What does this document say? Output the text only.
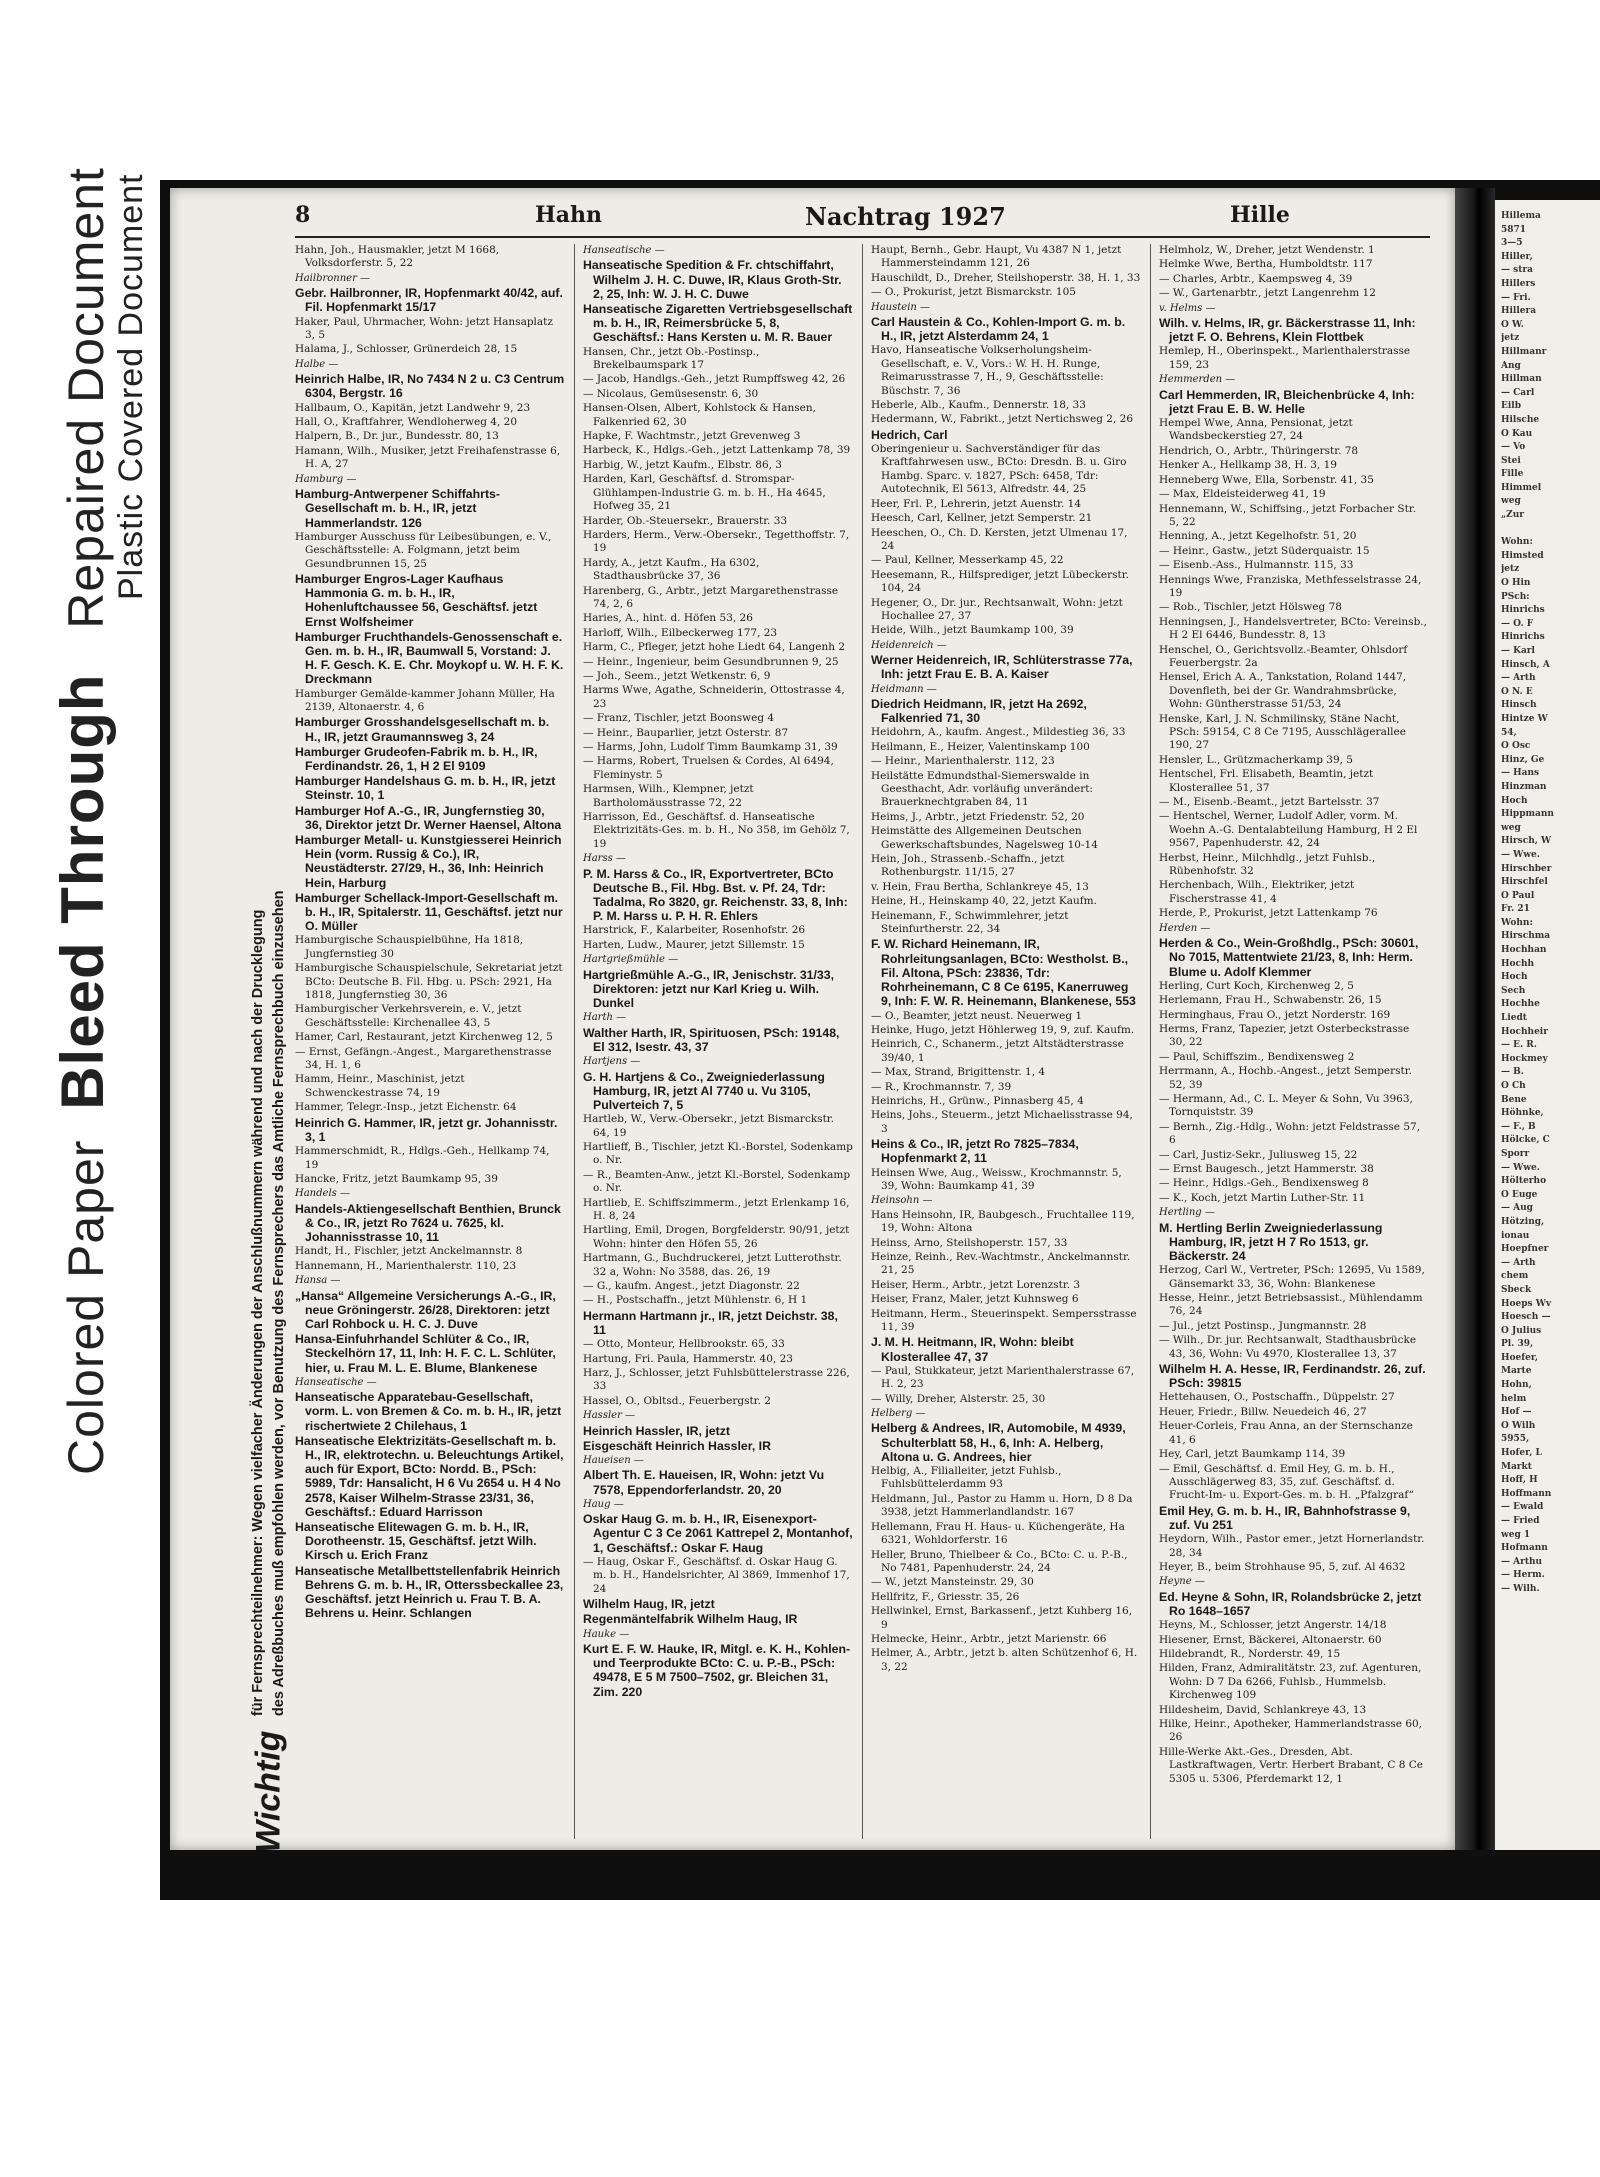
Colored Paper  Bleed Through   Repaired Document
Plastic Covered Document	Hillema
5871
3—5
Hiller,
— stra
Hillers
— Fri.
Hillera
O W.
jetz
Hillmanr
Ang
Hillman
— Carl
Eilb
Hilsche
O Kau
— Vo
Stei
Fille
Himmel
weg
„Zur
Wohn:
Himsted
jetz
O Hin
PSch:
Hinrichs
— O. F
Hinrichs
— Karl
Hinsch, A
— Arth
O N. E
Hinsch
Hintze W
54,
O Osc
Hinz, Ge
— Hans
Hinzman
Hoch
Hippmann
weg
Hirsch, W
— Wwe.
Hirschber
Hirschfel
O Paul
Fr. 21
Wohn:
Hirschma
Hochhan
Hochh
Hoch
Sech
Hochhe
Liedt
Hochheir
— E. R.
Hockmey
— B.
O Ch
Bene
Höhnke,
— F., B
Hölcke, C
Sporr
— Wwe.
Hölterho
O Euge
— Aug
Hötzing,
ionau
Hoepfner
— Arth
chem
Sbeck
Hoeps Wv
Hoesch —
O Julius
Pl. 39,
Hoefer,
Marte
Hohn,
helm
Hof —
O Wilh
5955,
Hofer, L
Markt
Hoff, H
Hoffmann
— Ewald
— Fried
weg 1
Hofmann
— Arthu
— Herm.
— Wilh.
8	Hahn	Nachtrag 1927	Hille
Wichtig für Fernsprechteilnehmer: Wegen vielfacher Änderungen der Anschlußnummern während und nach der Drucklegung des Adreßbuches muß empfohlen werden, vor Benutzung des Fernsprechers das Amtliche Fernsprechbuch einzusehen
Hahn, Joh., Hausmakler, jetzt M 1668, Volksdorferstr. 5, 22
Hailbronner —
Gebr. Hailbronner, IR, Hopfenmarkt 40/42, auf. Fil. Hopfenmarkt 15/17
Haker, Paul, Uhrmacher, Wohn: jetzt Hansaplatz 3, 5
Halama, J., Schlosser, Grünerdeich 28, 15
Halbe —
Heinrich Halbe, IR, No 7434 N 2 u. C3 Centrum 6304, Bergstr. 16
Hallbaum, O., Kapitän, jetzt Landwehr 9, 23
Hall, O., Kraftfahrer, Wendloherweg 4, 20
Halpern, B., Dr. jur., Bundesstr. 80, 13
Hamann, Wilh., Musiker, jetzt Freihafenstrasse 6, H. A, 27
Hamburg —
Hamburg-Antwerpener Schiffahrts-Gesellschaft m. b. H., IR, jetzt Hammerlandstr. 126
Hamburger Ausschuss für Leibesübungen, e. V., Geschäftsstelle: A. Folgmann, jetzt beim Gesundbrunnen 15, 25
Hamburger Engros-Lager Kaufhaus Hammonia G. m. b. H., IR, Hohenluftchaussee 56, Geschäftsf. jetzt Ernst Wolfsheimer
Hamburger Fruchthandels-Genossenschaft e. Gen. m. b. H., IR, Baumwall 5, Vorstand: J. H. F. Gesch. K. E. Chr. Moykopf u. W. H. F. K. Dreckmann
Hamburger Gemälde-kammer Johann Müller, Ha 2139, Altonaerstr. 4, 6
Hamburger Grosshandelsgesellschaft m. b. H., IR, jetzt Graumannsweg 3, 24
Hamburger Grudeofen-Fabrik m. b. H., IR, Ferdinandstr. 26, 1, H 2 El 9109
Hamburger Handelshaus G. m. b. H., IR, jetzt Steinstr. 10, 1
Hamburger Hof A.-G., IR, Jungfernstieg 30, 36, Direktor jetzt Dr. Werner Haensel, Altona
Hamburger Metall- u. Kunstgiesserei Heinrich Hein (vorm. Russig & Co.), IR, Neustädterstr. 27/29, H., 36, Inh: Heinrich Hein, Harburg
Hamburger Schellack-Import-Gesellschaft m. b. H., IR, Spitalerstr. 11, Geschäftsf. jetzt nur O. Müller
Hamburgische Schauspielbühne, Ha 1818, Jungfernstieg 30
Hamburgische Schauspielschule, Sekretariat jetzt BCto: Deutsche B. Fil. Hbg. u. PSch: 2921, Ha 1818, Jungfernstieg 30, 36
Hamburgischer Verkehrsverein, e. V., jetzt Geschäftsstelle: Kirchenallee 43, 5
Hamer, Carl, Restaurant, jetzt Kirchenweg 12, 5
— Ernst, Gefängn.-Angest., Margarethenstrasse 34, H. 1, 6
Hamm, Heinr., Maschinist, jetzt Schwenckestrasse 74, 19
Hammer, Telegr.-Insp., jetzt Eichenstr. 64
Heinrich G. Hammer, IR, jetzt gr. Johannisstr. 3, 1
Hammerschmidt, R., Hdlgs.-Geh., Hellkamp 74, 19
Hancke, Fritz, jetzt Baumkamp 95, 39
Handels —
Handels-Aktiengesellschaft Benthien, Brunck & Co., IR, jetzt Ro 7624 u. 7625, kl. Johannisstrasse 10, 11
Handt, H., Fischler, jetzt Anckelmannstr. 8
Hannemann, H., Marienthalerstr. 110, 23
Hansa —
„Hansa“ Allgemeine Versicherungs A.-G., IR, neue Gröningerstr. 26/28, Direktoren: jetzt Carl Rohbock u. H. C. J. Duve
Hansa-Einfuhrhandel Schlüter & Co., IR, Steckelhörn 17, 11, Inh: H. F. C. L. Schlüter, hier, u. Frau M. L. E. Blume, Blankenese
Hanseatische —
Hanseatische Apparatebau-Gesellschaft, vorm. L. von Bremen & Co. m. b. H., IR, jetzt rischertwiete 2 Chilehaus, 1
Hanseatische Elektrizitäts-Gesellschaft m. b. H., IR, elektrotechn. u. Beleuchtungs Artikel, auch für Export, BCto: Nordd. B., PSch: 5989, Tdr: Hansalicht, H 6 Vu 2654 u. H 4 No 2578, Kaiser Wilhelm-Strasse 23/31, 36, Geschäftsf.: Eduard Harrisson
Hanseatische Elitewagen G. m. b. H., IR, Dorotheenstr. 15, Geschäftsf. jetzt Wilh. Kirsch u. Erich Franz
Hanseatische Metallbettstellenfabrik Heinrich Behrens G. m. b. H., IR, Otterssbeckallee 23, Geschäftsf. jetzt Heinrich u. Frau T. B. A. Behrens u. Heinr. Schlangen
Hanseatische —
Hanseatische Spedition & Fr. chtschiffahrt, Wilhelm J. H. C. Duwe, IR, Klaus Groth-Str. 2, 25, Inh: W. J. H. C. Duwe
Hanseatische Zigaretten Vertriebsgesellschaft m. b. H., IR, Reimersbrücke 5, 8, Geschäftsf.: Hans Kersten u. M. R. Bauer
Hansen, Chr., jetzt Ob.-Postinsp., Brekelbaumspark 17
— Jacob, Handlgs.-Geh., jetzt Rumpffsweg 42, 26
— Nicolaus, Gemüsesenstr. 6, 30
Hansen-Olsen, Albert, Kohlstock & Hansen, Falkenried 62, 30
Hapke, F. Wachtmstr., jetzt Grevenweg 3
Harbeck, K., Hdlgs.-Geh., jetzt Lattenkamp 78, 39
Harbig, W., jetzt Kaufm., Elbstr. 86, 3
Harden, Karl, Geschäftsf. d. Stromspar-Glühlampen-Industrie G. m. b. H., Ha 4645, Hofweg 35, 21
Harder, Ob.-Steuersekr., Brauerstr. 33
Harders, Herm., Verw.-Obersekr., Tegetthoffstr. 7, 19
Hardy, A., jetzt Kaufm., Ha 6302, Stadthausbrücke 37, 36
Harenberg, G., Arbtr., jetzt Margarethenstrasse 74, 2, 6
Haries, A., hint. d. Höfen 53, 26
Harloff, Wilh., Eilbeckerweg 177, 23
Harm, C., Pfleger, jetzt hohe Liedt 64, Langenh 2
— Heinr., Ingenieur, beim Gesundbrunnen 9, 25
— Joh., Seem., jetzt Wetkenstr. 6, 9
Harms Wwe, Agathe, Schneiderin, Ottostrasse 4, 23
— Franz, Tischler, jetzt Boonsweg 4
— Heinr., Bauparlier, jetzt Osterstr. 87
— Harms, John, Ludolf Timm Baumkamp 31, 39
— Harms, Robert, Truelsen & Cordes, Al 6494, Fleminystr. 5
Harmsen, Wilh., Klempner, jetzt Bartholomäusstrasse 72, 22
Harrisson, Ed., Geschäftsf. d. Hanseatische Elektrizitäts-Ges. m. b. H., No 358, im Gehölz 7, 19
Harss —
P. M. Harss & Co., IR, Exportvertreter, BCto Deutsche B., Fil. Hbg. Bst. v. Pf. 24, Tdr: Tadalma, Ro 3820, gr. Reichenstr. 33, 8, Inh: P. M. Harss u. P. H. R. Ehlers
Harstrick, F., Kalarbeiter, Rosenhofstr. 26
Harten, Ludw., Maurer, jetzt Sillemstr. 15
Hartgrießmühle —
Hartgrießmühle A.-G., IR, Jenischstr. 31/33, Direktoren: jetzt nur Karl Krieg u. Wilh. Dunkel
Harth —
Walther Harth, IR, Spirituosen, PSch: 19148, El 312, Isestr. 43, 37
Hartjens —
G. H. Hartjens & Co., Zweigniederlassung Hamburg, IR, jetzt Al 7740 u. Vu 3105, Pulverteich 7, 5
Hartleb, W., Verw.-Obersekr., jetzt Bismarckstr. 64, 19
Hartlieff, B., Tischler, jetzt Kl.-Borstel, Sodenkamp o. Nr.
— R., Beamten-Anw., jetzt Kl.-Borstel, Sodenkamp o. Nr.
Hartlieb, E. Schiffszimmerm., jetzt Erlenkamp 16, H. 8, 24
Hartling, Emil, Drogen, Borgfelderstr. 90/91, jetzt Wohn: hinter den Höfen 55, 26
Hartmann, G., Buchdruckerei, jetzt Lutterothstr. 32 a, Wohn: No 3588, das. 26, 19
— G., kaufm. Angest., jetzt Diagonstr. 22
— H., Postschaffn., jetzt Mühlenstr. 6, H 1
Hermann Hartmann jr., IR, jetzt Deichstr. 38, 11
— Otto, Monteur, Hellbrookstr. 65, 33
Hartung, Fri. Paula, Hammerstr. 40, 23
Harz, J., Schlosser, jetzt Fuhlsbüttelerstrasse 226, 33
Hassel, O., Obltsd., Feuerbergstr. 2
Hassler —
Heinrich Hassler, IR, jetzt
Eisgeschäft Heinrich Hassler, IR
Haueisen —
Albert Th. E. Haueisen, IR, Wohn: jetzt Vu 7578, Eppendorferlandstr. 20, 20
Haug —
Oskar Haug G. m. b. H., IR, Eisenexport-Agentur C 3 Ce 2061 Kattrepel 2, Montanhof, 1, Geschäftsf.: Oskar F. Haug
— Haug, Oskar F., Geschäftsf. d. Oskar Haug G. m. b. H., Handelsrichter, Al 3869, Immenhof 17, 24
Wilhelm Haug, IR, jetzt
Regenmäntelfabrik Wilhelm Haug, IR
Hauke —
Kurt E. F. W. Hauke, IR, Mitgl. e. K. H., Kohlen- und Teerprodukte BCto: C. u. P.-B., PSch: 49478, E 5 M 7500–7502, gr. Bleichen 31, Zim. 220
Haupt, Bernh., Gebr. Haupt, Vu 4387 N 1, jetzt Hammersteindamm 121, 26
Hauschildt, D., Dreher, Steilshoperstr. 38, H. 1, 33
— O., Prokurist, jetzt Bismarckstr. 105
Haustein —
Carl Haustein & Co., Kohlen-Import G. m. b. H., IR, jetzt Alsterdamm 24, 1
Havo, Hanseatische Volkserholungsheim-Gesellschaft, e. V., Vors.: W. H. H. Runge, Reimarusstrasse 7, H., 9, Geschäftsstelle: Büschstr. 7, 36
Heberle, Alb., Kaufm., Dennerstr. 18, 33
Hedermann, W., Fabrikt., jetzt Nertichsweg 2, 26
Hedrich, Carl
Oberingenieur u. Sachverständiger für das Kraftfahrwesen usw., BCto: Dresdn. B. u. Giro Hambg. Sparc. v. 1827, PSch: 6458, Tdr: Autotechnik, El 5613, Alfredstr. 44, 25
Heer, Frl. P., Lehrerin, jetzt Auenstr. 14
Heesch, Carl, Kellner, jetzt Semperstr. 21
Heeschen, O., Ch. D. Kersten, jetzt Ulmenau 17, 24
— Paul, Kellner, Messerkamp 45, 22
Heesemann, R., Hilfsprediger, jetzt Lübeckerstr. 104, 24
Hegener, O., Dr. jur., Rechtsanwalt, Wohn: jetzt Hochallee 27, 37
Heide, Wilh., jetzt Baumkamp 100, 39
Heidenreich —
Werner Heidenreich, IR, Schlüterstrasse 77a, Inh: jetzt Frau E. B. A. Kaiser
Heidmann —
Diedrich Heidmann, IR, jetzt Ha 2692, Falkenried 71, 30
Heidohrn, A., kaufm. Angest., Mildestieg 36, 33
Heilmann, E., Heizer, Valentinskamp 100
— Heinr., Marienthalerstr. 112, 23
Heilstätte Edmundsthal-Siemerswalde in Geesthacht, Adr. vorläufig unverändert: Brauerknechtgraben 84, 11
Heims, J., Arbtr., jetzt Friedenstr. 52, 20
Heimstätte des Allgemeinen Deutschen Gewerkschaftsbundes, Nagelsweg 10-14
Hein, Joh., Strassenb.-Schaffn., jetzt Rothenburgstr. 11/15, 27
v. Hein, Frau Bertha, Schlankreye 45, 13
Heine, H., Heinskamp 40, 22, jetzt Kaufm.
Heinemann, F., Schwimmlehrer, jetzt Steinfurtherstr. 22, 34
F. W. Richard Heinemann, IR, Rohrleitungsanlagen, BCto: Westholst. B., Fil. Altona, PSch: 23836, Tdr: Rohrheinemann, C 8 Ce 6195, Kanerruweg 9, Inh: F. W. R. Heinemann, Blankenese, 553
— O., Beamter, jetzt neust. Neuerweg 1
Heinke, Hugo, jetzt Höhlerweg 19, 9, zuf. Kaufm.
Heinrich, C., Schanerm., jetzt Altstädterstrasse 39/40, 1
— Max, Strand, Brigittenstr. 1, 4
— R., Krochmannstr. 7, 39
Heinrichs, H., Grünw., Pinnasberg 45, 4
Heins, Johs., Steuerm., jetzt Michaelisstrasse 94, 3
Heins & Co., IR, jetzt Ro 7825–7834, Hopfenmarkt 2, 11
Heinsen Wwe, Aug., Weissw., Krochmannstr. 5, 39, Wohn: Baumkamp 41, 39
Heinsohn —
Hans Heinsohn, IR, Baubgesch., Fruchtallee 119, 19, Wohn: Altona
Heinss, Arno, Steilshoperstr. 157, 33
Heinze, Reinh., Rev.-Wachtmstr., Anckelmannstr. 21, 25
Heiser, Herm., Arbtr., jetzt Lorenzstr. 3
Heiser, Franz, Maler, jetzt Kuhnsweg 6
Heitmann, Herm., Steuerinspekt. Sempersstrasse 11, 39
J. M. H. Heitmann, IR, Wohn: bleibt Klosterallee 47, 37
— Paul, Stukkateur, jetzt Marienthalerstrasse 67, H. 2, 23
— Willy, Dreher, Alsterstr. 25, 30
Helberg —
Helberg & Andrees, IR, Automobile, M 4939, Schulterblatt 58, H., 6, Inh: A. Helberg, Altona u. G. Andrees, hier
Helbig, A., Filialleiter, jetzt Fuhlsb., Fuhlsbüttelerdamm 93
Heldmann, Jul., Pastor zu Hamm u. Horn, D 8 Da 3938, jetzt Hammerlandlandstr. 167
Hellemann, Frau H. Haus- u. Küchengeräte, Ha 6321, Wohldorferstr. 16
Heller, Bruno, Thielbeer & Co., BCto: C. u. P.-B., No 7481, Papenhuderstr. 24, 24
— W., jetzt Mansteinstr. 29, 30
Hellfritz, F., Griesstr. 35, 26
Hellwinkel, Ernst, Barkassenf., jetzt Kuhberg 16, 9
Helmecke, Heinr., Arbtr., jetzt Marienstr. 66
Helmer, A., Arbtr., jetzt b. alten Schützenhof 6, H. 3, 22
Helmholz, W., Dreher, jetzt Wendenstr. 1
Helmke Wwe, Bertha, Humboldtstr. 117
— Charles, Arbtr., Kaempsweg 4, 39
— W., Gartenarbtr., jetzt Langenrehm 12
v. Helms —
Wilh. v. Helms, IR, gr. Bäckerstrasse 11, Inh: jetzt F. O. Behrens, Klein Flottbek
Hemlep, H., Oberinspekt., Marienthalerstrasse 159, 23
Hemmerden —
Carl Hemmerden, IR, Bleichenbrücke 4, Inh: jetzt Frau E. B. W. Helle
Hempel Wwe, Anna, Pensionat, jetzt Wandsbeckerstieg 27, 24
Hendrich, O., Arbtr., Thüringerstr. 78
Henker A., Hellkamp 38, H. 3, 19
Henneberg Wwe, Ella, Sorbenstr. 41, 35
— Max, Eldeisteiderweg 41, 19
Hennemann, W., Schiffsing., jetzt Forbacher Str. 5, 22
Henning, A., jetzt Kegelhofstr. 51, 20
— Heinr., Gastw., jetzt Süderquaistr. 15
— Eisenb.-Ass., Hulmannstr. 115, 33
Hennings Wwe, Franziska, Methfesselstrasse 24, 19
— Rob., Tischler, jetzt Hölsweg 78
Henningsen, J., Handelsvertreter, BCto: Vereinsb., H 2 El 6446, Bundesstr. 8, 13
Henschel, O., Gerichtsvollz.-Beamter, Ohlsdorf Feuerbergstr. 2a
Hensel, Erich A. A., Tankstation, Roland 1447, Dovenfleth, bei der Gr. Wandrahmsbrücke, Wohn: Güntherstrasse 51/53, 24
Henske, Karl, J. N. Schmilinsky, Stäne Nacht, PSch: 59154, C 8 Ce 7195, Ausschlägerallee 190, 27
Hensler, L., Grützmacherkamp 39, 5
Hentschel, Frl. Elisabeth, Beamtin, jetzt Klosterallee 51, 37
— M., Eisenb.-Beamt., jetzt Bartelsstr. 37
— Hentschel, Werner, Ludolf Adler, vorm. M. Woehn A.-G. Dentalabteilung Hamburg, H 2 El 9567, Papenhuderstr. 42, 24
Herbst, Heinr., Milchhdlg., jetzt Fuhlsb., Rübenhofstr. 32
Herchenbach, Wilh., Elektriker, jetzt Fischerstrasse 41, 4
Herde, P., Prokurist, jetzt Lattenkamp 76
Herden —
Herden & Co., Wein-Großhdlg., PSch: 30601, No 7015, Mattentwiete 21/23, 8, Inh: Herm. Blume u. Adolf Klemmer
Herling, Curt Koch, Kirchenweg 2, 5
Herlemann, Frau H., Schwabenstr. 26, 15
Herminghaus, Frau O., jetzt Norderstr. 169
Herms, Franz, Tapezier, jetzt Osterbeckstrasse 30, 22
— Paul, Schiffszim., Bendixensweg 2
Herrmann, A., Hochb.-Angest., jetzt Semperstr. 52, 39
— Hermann, Ad., C. L. Meyer & Sohn, Vu 3963, Tornquiststr. 39
— Bernh., Zig.-Hdlg., Wohn: jetzt Feldstrasse 57, 6
— Carl, Justiz-Sekr., Juliusweg 15, 22
— Ernst Baugesch., jetzt Hammerstr. 38
— Heinr., Hdlgs.-Geh., Bendixensweg 8
— K., Koch, jetzt Martin Luther-Str. 11
Hertling —
M. Hertling Berlin Zweigniederlassung Hamburg, IR, jetzt H 7 Ro 1513, gr. Bäckerstr. 24
Herzog, Carl W., Vertreter, PSch: 12695, Vu 1589, Gänsemarkt 33, 36, Wohn: Blankenese
Hesse, Heinr., jetzt Betriebsassist., Mühlendamm 76, 24
— Jul., jetzt Postinsp., Jungmannstr. 28
— Wilh., Dr. jur. Rechtsanwalt, Stadthausbrücke 43, 36, Wohn: Vu 4970, Klosterallee 13, 37
Wilhelm H. A. Hesse, IR, Ferdinandstr. 26, zuf. PSch: 39815
Hettehausen, O., Postschaffn., Düppelstr. 27
Heuer, Friedr., Billw. Neuedeich 46, 27
Heuer-Corleis, Frau Anna, an der Sternschanze 41, 6
Hey, Carl, jetzt Baumkamp 114, 39
— Emil, Geschäftsf. d. Emil Hey, G. m. b. H., Ausschlägerweg 83, 35, zuf. Geschäftsf. d. Frucht-Im- u. Export-Ges. m. b. H. „Pfalzgraf“
Emil Hey, G. m. b. H., IR, Bahnhofstrasse 9, zuf. Vu 251
Heydorn, Wilh., Pastor emer., jetzt Hornerlandstr. 28, 34
Heyer, B., beim Strohhause 95, 5, zuf. Al 4632
Heyne —
Ed. Heyne & Sohn, IR, Rolandsbrücke 2, jetzt Ro 1648–1657
Heyns, M., Schlosser, jetzt Angerstr. 14/18
Hiesener, Ernst, Bäckerei, Altonaerstr. 60
Hildebrandt, R., Norderstr. 49, 15
Hilden, Franz, Admiralitätstr. 23, zuf. Agenturen, Wohn: D 7 Da 6266, Fuhlsb., Hummelsb. Kirchenweg 109
Hildesheim, David, Schlankreye 43, 13
Hilke, Heinr., Apotheker, Hammerlandstrasse 60, 26
Hille-Werke Akt.-Ges., Dresden, Abt. Lastkraftwagen, Vertr. Herbert Brabant, C 8 Ce 5305 u. 5306, Pferdemarkt 12, 1
